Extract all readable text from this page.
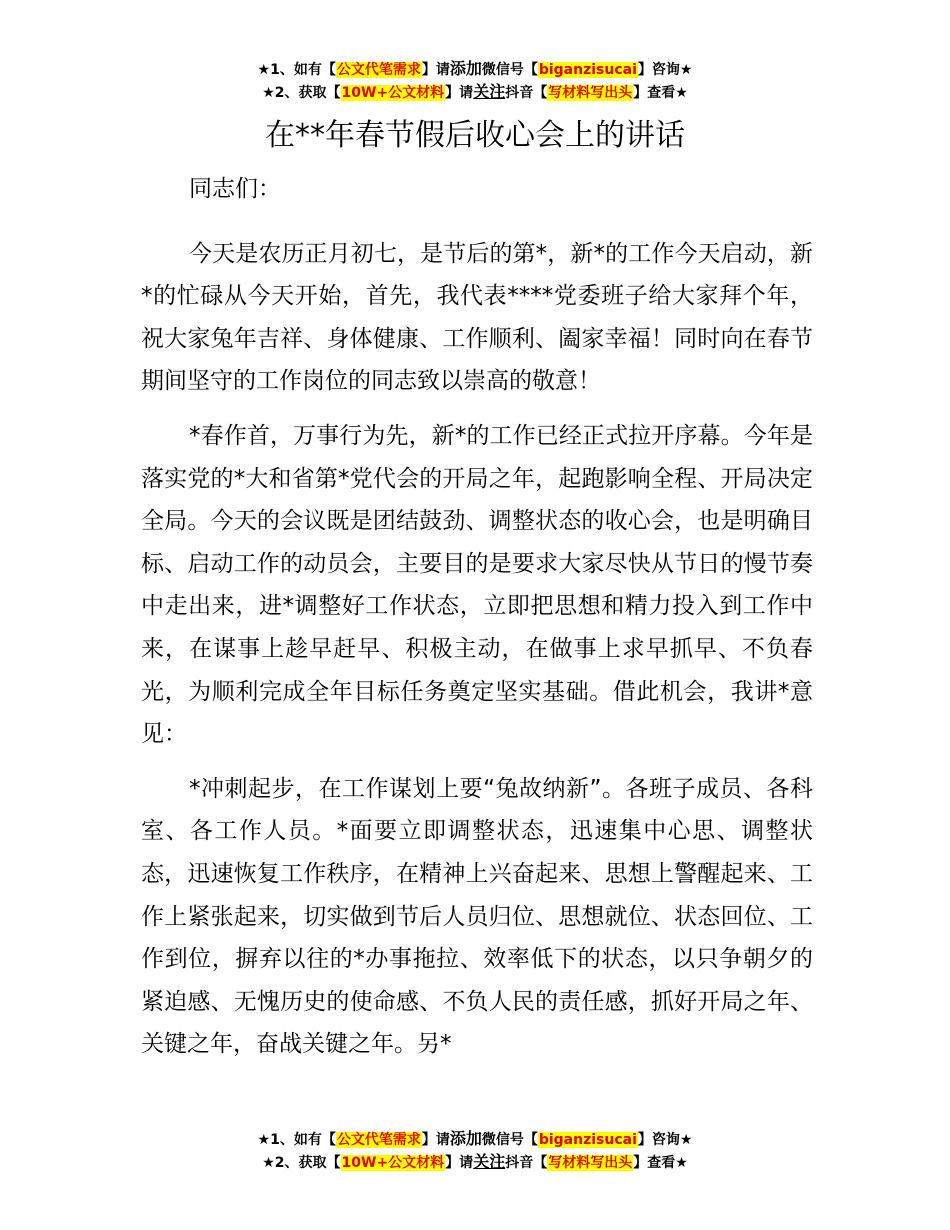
★1、如有【公文代笔需求】请添加微信号【biganzisucai】咨询★
★2、获取【10W+公文材料】请关注抖音【写材料写出头】查看★
在**年春节假后收心会上的讲话

同志们：

今天是农历正月初七，是节后的第*，新*的工作今天启动，新*的忙碌从今天开始，首先，我代表****党委班子给大家拜个年，祝大家兔年吉祥、身体健康、工作顺利、阖家幸福！同时向在春节期间坚守的工作岗位的同志致以崇高的敬意！

*春作首，万事行为先，新*的工作已经正式拉开序幕。今年是落实党的*大和省第*党代会的开局之年，起跑影响全程、开局决定全局。今天的会议既是团结鼓劲、调整状态的收心会，也是明确目标、启动工作的动员会，主要目的是要求大家尽快从节日的慢节奏中走出来，进*调整好工作状态，立即把思想和精力投入到工作中来，在谋事上趁早赶早、积极主动，在做事上求早抓早、不负春光，为顺利完成全年目标任务奠定坚实基础。借此机会，我讲*意见：

*冲刺起步，在工作谋划上要“兔故纳新”。各班子成员、各科室、各工作人员。*面要立即调整状态，迅速集中心思、调整状态，迅速恢复工作秩序，在精神上兴奋起来、思想上警醒起来、工作上紧张起来，切实做到节后人员归位、思想就位、状态回位、工作到位，摒弃以往的*办事拖拉、效率低下的状态，以只争朝夕的紧迫感、无愧历史的使命感、不负人民的责任感，抓好开局之年、关键之年，奋战关键之年。另*

★1、如有【公文代笔需求】请添加微信号【biganzisucai】咨询★
★2、获取【10W+公文材料】请关注抖音【写材料写出头】查看★
